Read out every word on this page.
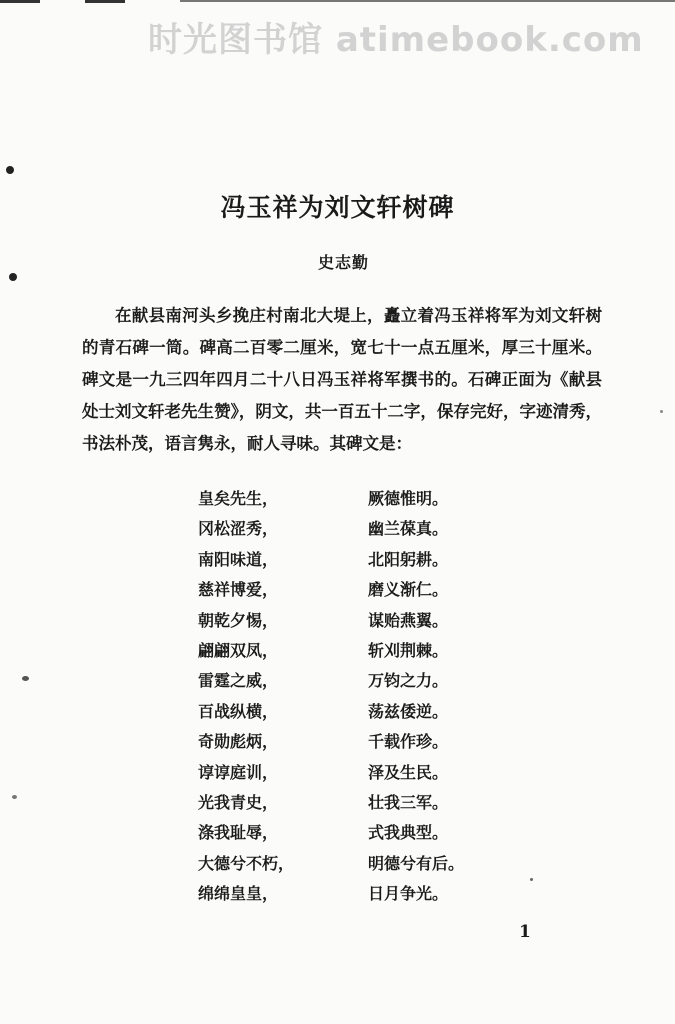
时光图书馆 atimebook.com
冯玉祥为刘文轩树碑
史志勤

在献县南河头乡挽庄村南北大堤上，矗立着冯玉祥将军为刘文轩树的青石碑一筒。碑高二百零二厘米，宽七十一点五厘米，厚三十厘米。碑文是一九三四年四月二十八日冯玉祥将军撰书的。石碑正面为《献县处士刘文轩老先生赞》，阴文，共一百五十二字，保存完好，字迹清秀，书法朴茂，语言隽永，耐人寻味。其碑文是：

皇矣先生，	厥德惟明。
冈松涩秀，	幽兰葆真。
南阳味道，	北阳躬耕。
慈祥博爱，	磨义渐仁。
朝乾夕惕，	谋贻燕翼。
翩翩双凤，	斩刈荆棘。
雷霆之威，	万钧之力。
百战纵横，	荡兹倭逆。
奇勋彪炳，	千载作珍。
谆谆庭训，	泽及生民。
光我青史，	壮我三军。
涤我耻辱，	式我典型。
大德兮不朽，	明德兮有后。
绵绵皇皇，	日月争光。
1
